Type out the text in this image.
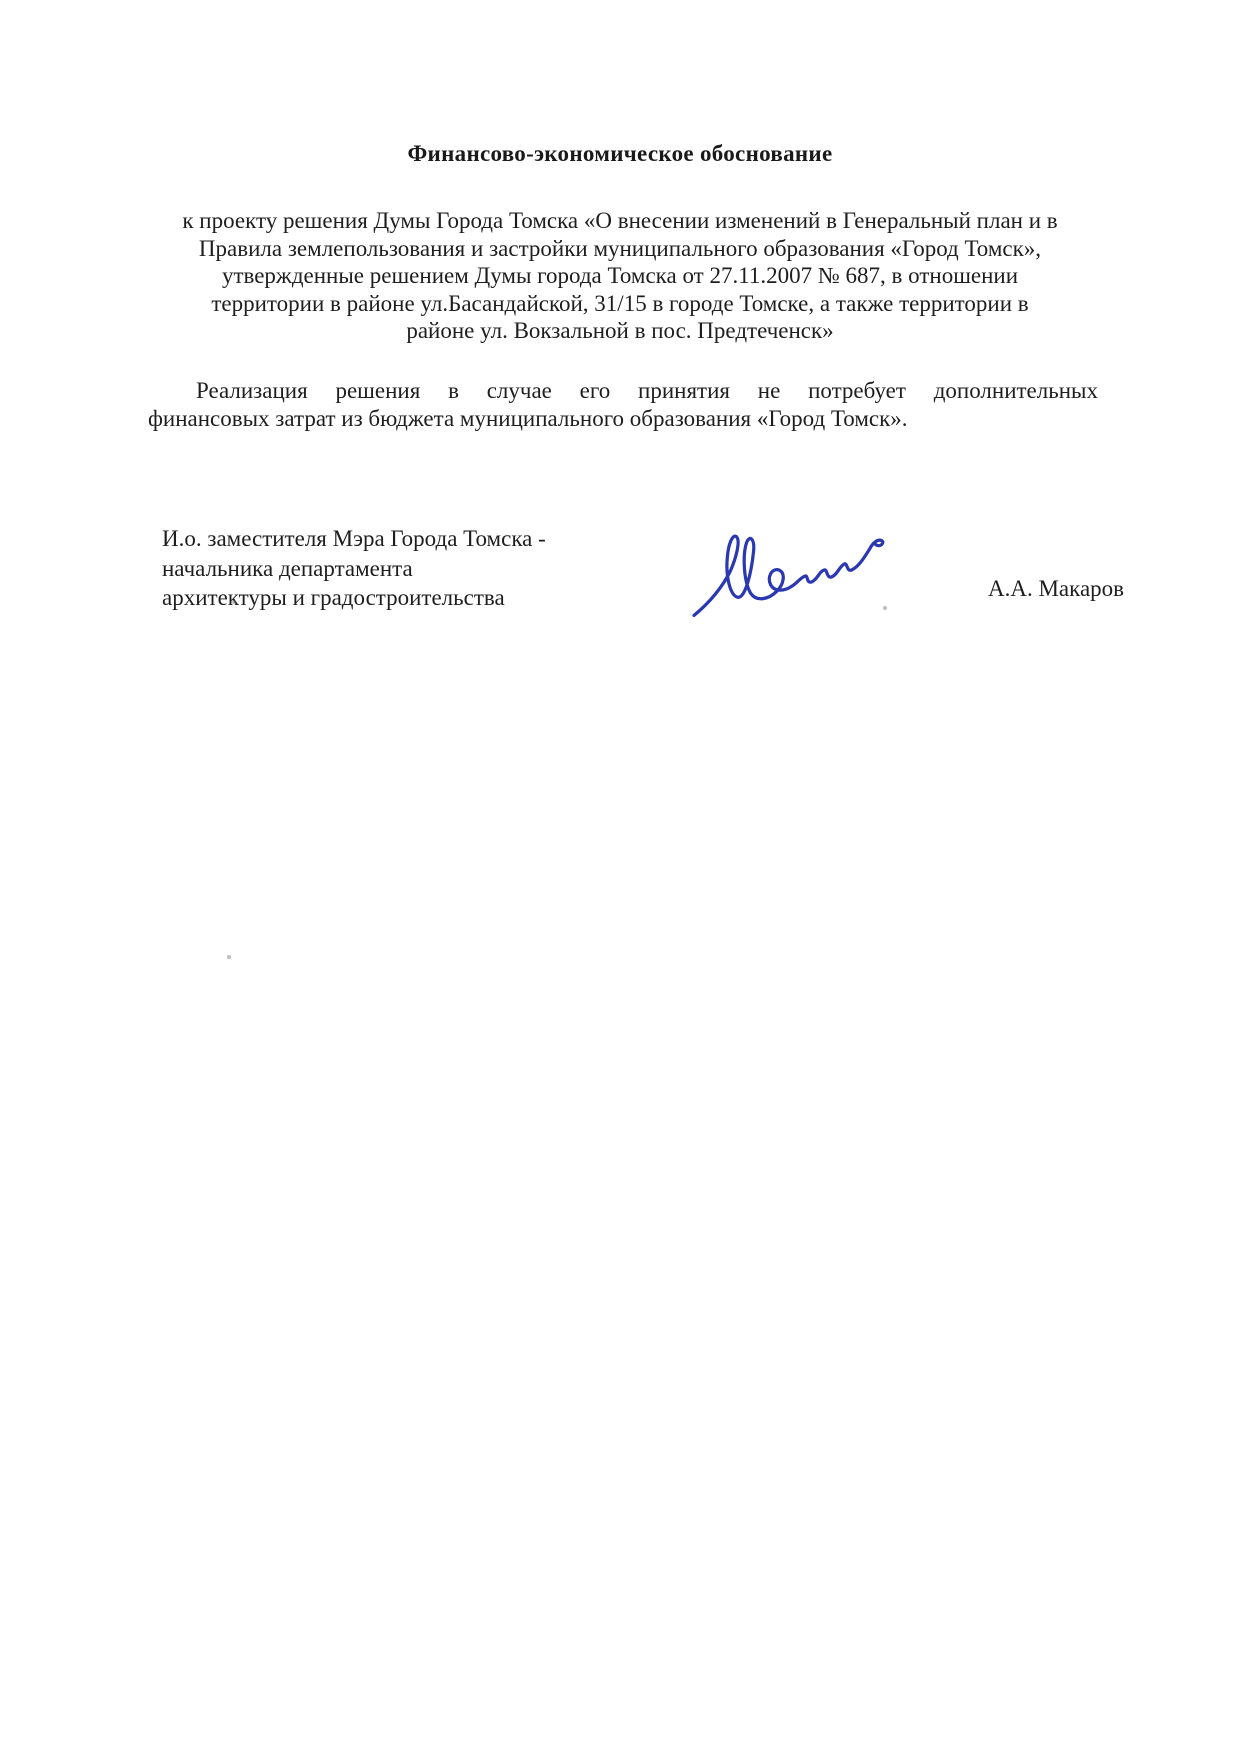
Финансово-экономическое обоснование
к проекту решения Думы Города Томска «О внесении изменений в Генеральный план и в
Правила землепользования и застройки муниципального образования «Город Томск»,
утвержденные решением Думы города Томска от 27.11.2007 № 687, в отношении
территории в районе ул.Басандайской, 31/15 в городе Томске, а также территории в
районе ул. Вокзальной в пос. Предтеченск»
Реализация решения в случае его принятия не потребует дополнительных
финансовых затрат из бюджета муниципального образования «Город Томск».
И.о. заместителя Мэра Города Томска -
начальника департамента
архитектуры и градостроительства	А.А. Макаров
